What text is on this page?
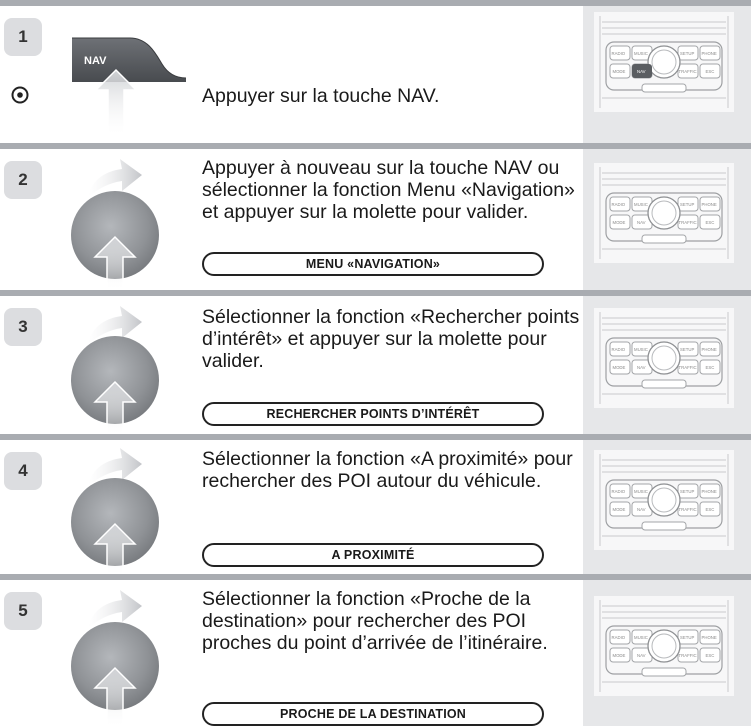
1
NAV
Appuyer sur la touche NAV.
RADIO MUSIC	SETUP PHONE
MODE	NAV	TRAFFIC ESC
2
Appuyer à nouveau sur la touche NAV ou sélectionner la fonction Menu «Navigation» et appuyer sur la molette pour valider.
MENU «NAVIGATION»
RADIO MUSIC	SETUP PHONE
MODE	NAV	TRAFFIC ESC
3	Sélectionner la fonction «Rechercher points d’intérêt» et appuyer sur la molette pour valider.
RECHERCHER POINTS D’INTÉRÊT
RADIO MUSIC	SETUP PHONE
MODE	NAV	TRAFFIC ESC
4
Sélectionner la fonction «A proximité» pour rechercher des POI autour du véhicule.
A PROXIMITÉ
RADIO MUSIC	SETUP PHONE
MODE	NAV	TRAFFIC ESC
5
Sélectionner la fonction «Proche de la destination» pour rechercher des POI proches du point d’arrivée de l’itinéraire.
PROCHE DE LA DESTINATION
RADIO MUSIC	SETUP PHONE
MODE	NAV	TRAFFIC ESC
